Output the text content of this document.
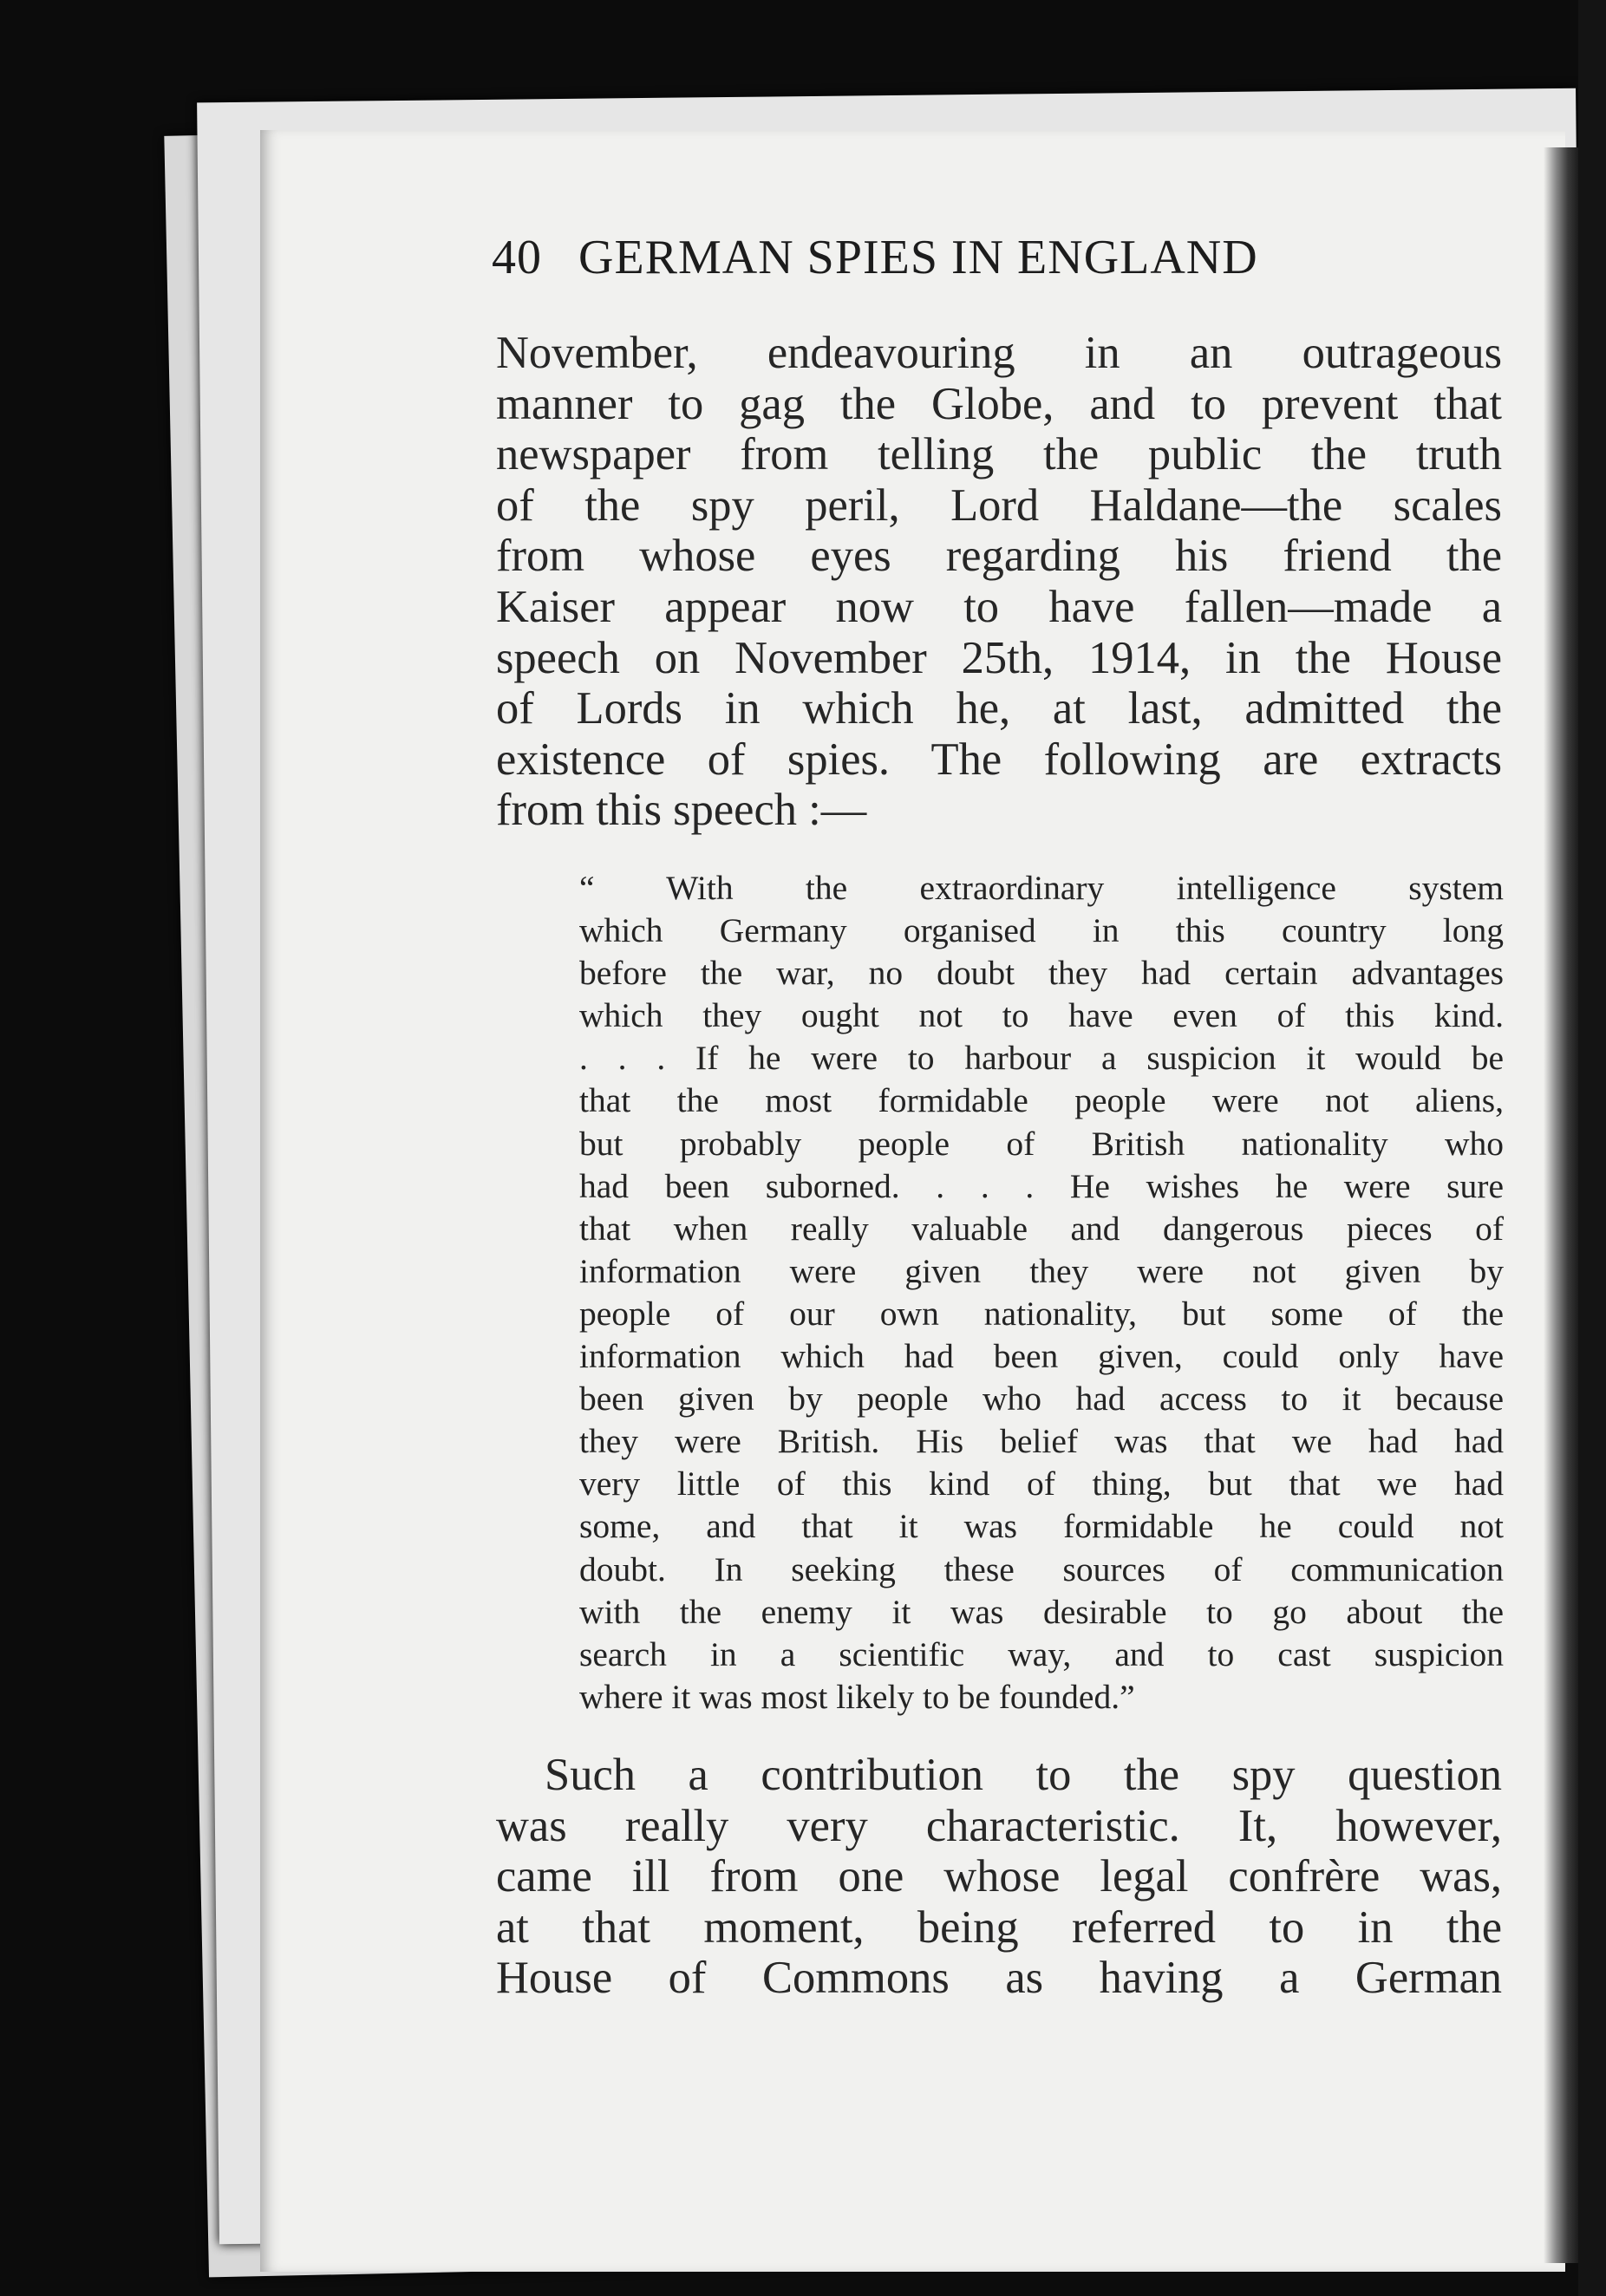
40 GERMAN SPIES IN ENGLAND

November, endeavouring in an outrageous

manner to gag the Globe, and to prevent that

newspaper from telling the public the truth

of the spy peril, Lord Haldane—the scales

from whose eyes regarding his friend the

Kaiser appear now to have fallen—made a

speech on November 25th, 1914, in the House

of Lords in which he, at last, admitted the

existence of spies. The following are extracts

from this speech :—

“ With the extraordinary intelligence system

which Germany organised in this country long

before the war, no doubt they had certain advantages

which they ought not to have even of this kind.

. . . If he were to harbour a suspicion it would be

that the most formidable people were not aliens,

but probably people of British nationality who

had been suborned. . . . He wishes he were sure

that when really valuable and dangerous pieces of

information were given they were not given by

people of our own nationality, but some of the

information which had been given, could only have

been given by people who had access to it because

they were British. His belief was that we had had

very little of this kind of thing, but that we had

some, and that it was formidable he could not

doubt. In seeking these sources of communication

with the enemy it was desirable to go about the

search in a scientific way, and to cast suspicion

where it was most likely to be founded.”

Such a contribution to the spy question

was really very characteristic. It, however,

came ill from one whose legal confrère was,

at that moment, being referred to in the

House of Commons as having a German
